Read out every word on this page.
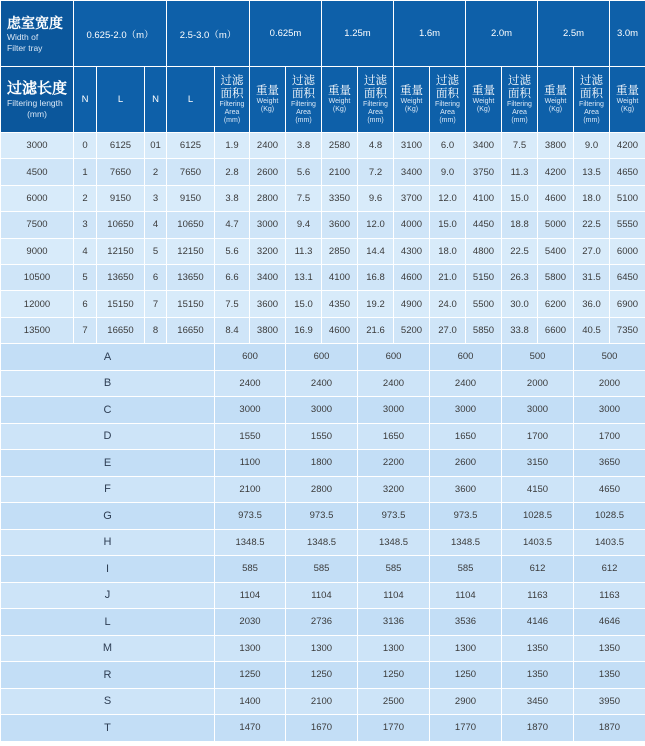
虑室宽度
Width of
Filter tray	0.625-2.0（m）			2.5-3.0（m）		0.625m		1.25m		1.6m		2.0m		2.5m		3.0m

过滤长度
Filtering length
(mm)	N	L	N	L	过滤
面积
Filtering
Area
(mm)	重量
Weight
(Kg)	过滤
面积
Filtering
Area
(mm)	重量
Weight
(Kg)	过滤
面积
Filtering
Area
(mm)	重量
Weight
(Kg)	过滤
面积
Filtering
Area
(mm)	重量
Weight
(Kg)	过滤
面积
Filtering
Area
(mm)	重量
Weight
(Kg)	过滤
面积
Filtering
Area
(mm)	重量
Weight
(Kg)

3000	0	6125	01	6125	1.9	2400	3.8	2580	4.8	3100	6.0	3400	7.5	3800	9.0	4200
4500	1	7650	2	7650	2.8	2600	5.6	2100	7.2	3400	9.0	3750	11.3	4200	13.5	4650
6000	2	9150	3	9150	3.8	2800	7.5	3350	9.6	3700	12.0	4100	15.0	4600	18.0	5100
7500	3	10650	4	10650	4.7	3000	9.4	3600	12.0	4000	15.0	4450	18.8	5000	22.5	5550
9000	4	12150	5	12150	5.6	3200	11.3	2850	14.4	4300	18.0	4800	22.5	5400	27.0	6000
10500	5	13650	6	13650	6.6	3400	13.1	4100	16.8	4600	21.0	5150	26.3	5800	31.5	6450
12000	6	15150	7	15150	7.5	3600	15.0	4350	19.2	4900	24.0	5500	30.0	6200	36.0	6900
13500	7	16650	8	16650	8.4	3800	16.9	4600	21.6	5200	27.0	5850	33.8	6600	40.5	7350
A					600		600		600		600		500		500	
B					2400		2400		2400		2400		2000		2000	
C					3000		3000		3000		3000		3000		3000	
D					1550		1550		1650		1650		1700		1700	
E					1100		1800		2200		2600		3150		3650	
F					2100		2800		3200		3600		4150		4650	
G					973.5		973.5		973.5		973.5		1028.5		1028.5	
H					1348.5		1348.5		1348.5		1348.5		1403.5		1403.5	
I					585		585		585		585		612		612	
J					1104		1104		1104		1104		1163		1163	
L					2030		2736		3136		3536		4146		4646	
M					1300		1300		1300		1300		1350		1350	
R					1250		1250		1250		1250		1350		1350	
S					1400		2100		2500		2900		3450		3950	
T					1470		1670		1770		1770		1870		1870	
